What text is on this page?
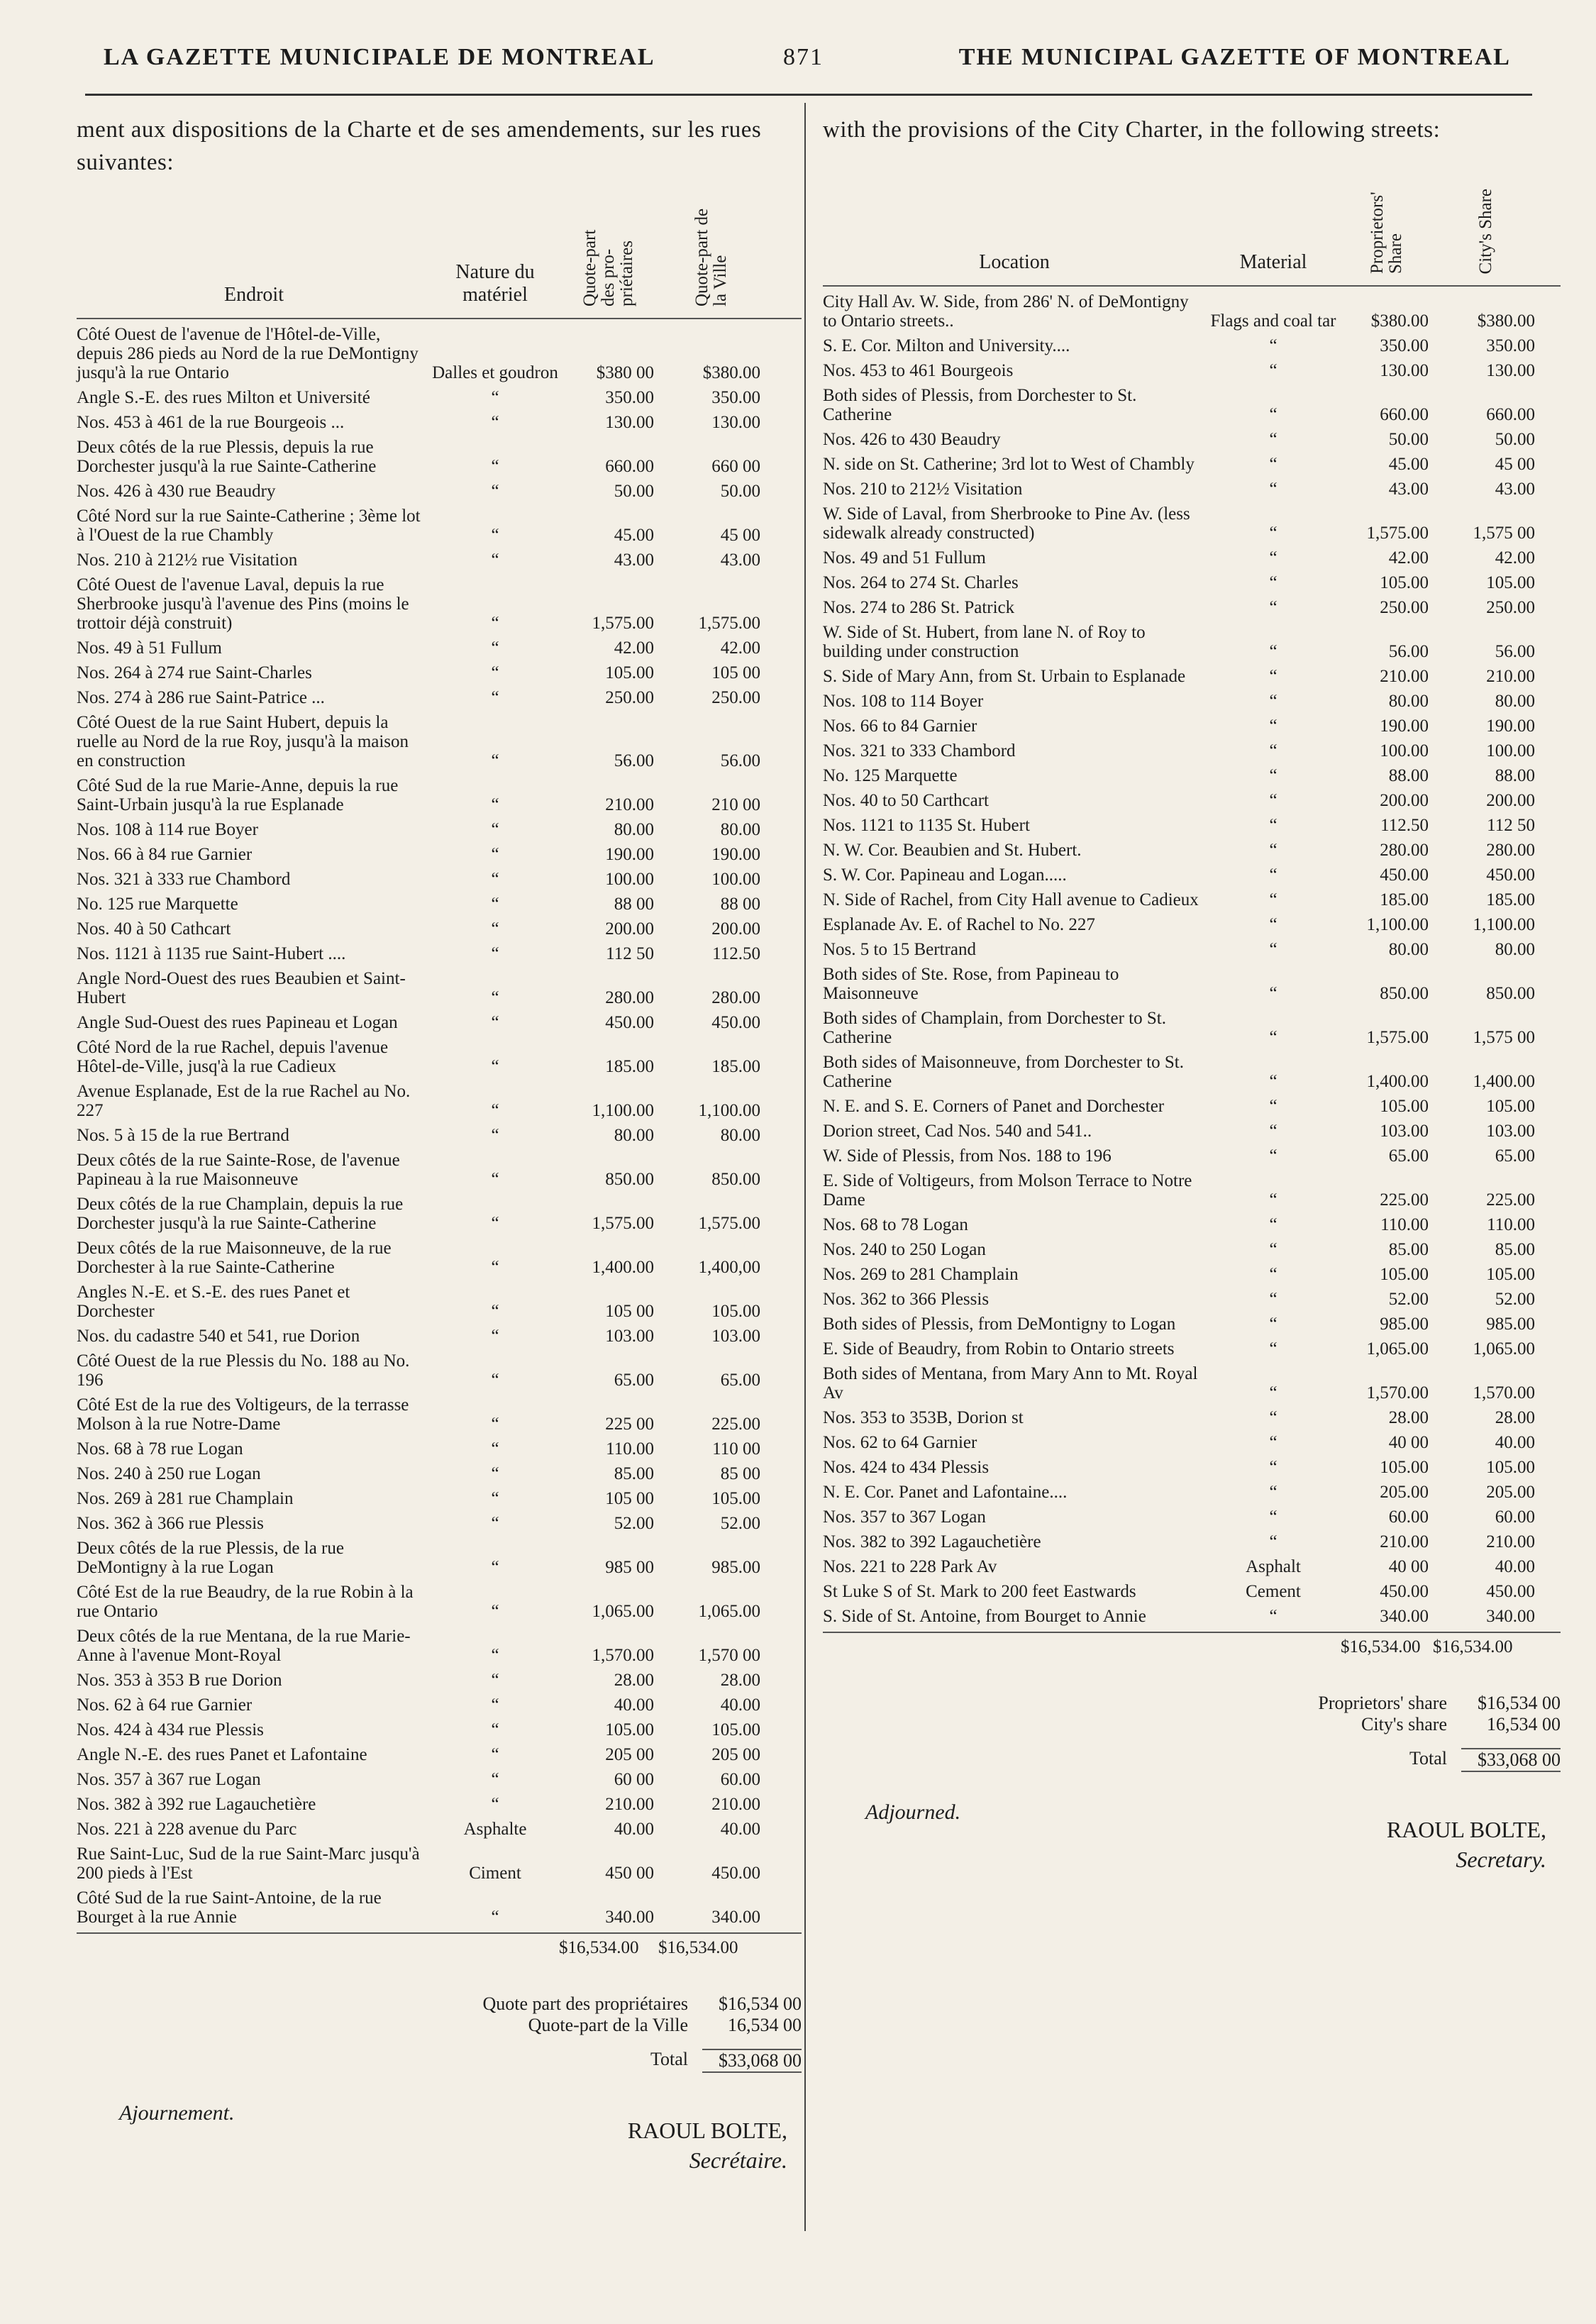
LA GAZETTE MUNICIPALE DE MONTREAL	871	THE MUNICIPAL GAZETTE OF MONTREAL

ment aux dispositions de la Charte et de ses amendements, sur les rues suivantes:

Endroit
Nature du matériel	Quote-part des pro-priétaires	Quote-part de la Ville
Côté Ouest de l'avenue de l'Hôtel-de-Ville, depuis 286 pieds au Nord de la rue DeMontigny jusqu'à la rue Ontario	Dalles et goudron	$380 00	$380.00
Angle S.-E. des rues Milton et Université	“	350.00	350.00
Nos. 453 à 461 de la rue Bourgeois ...	“	130.00	130.00
Deux côtés de la rue Plessis, depuis la rue Dorchester jusqu'à la rue Sainte-Catherine	“	660.00	660 00
Nos. 426 à 430 rue Beaudry	“	50.00	50.00
Côté Nord sur la rue Sainte-Catherine ; 3ème lot à l'Ouest de la rue Chambly	“	45.00	45 00
Nos. 210 à 212½ rue Visitation	“	43.00	43.00
Côté Ouest de l'avenue Laval, depuis la rue Sherbrooke jusqu'à l'avenue des Pins (moins le trottoir déjà construit)	“	1,575.00	1,575.00
Nos. 49 à 51 Fullum	“	42.00	42.00
Nos. 264 à 274 rue Saint-Charles	“	105.00	105 00
Nos. 274 à 286 rue Saint-Patrice ...	“	250.00	250.00
Côté Ouest de la rue Saint Hubert, depuis la ruelle au Nord de la rue Roy, jusqu'à la maison en construction	“	56.00	56.00
Côté Sud de la rue Marie-Anne, depuis la rue Saint-Urbain jusqu'à la rue Esplanade	“	210.00	210 00
Nos. 108 à 114 rue Boyer	“	80.00	80.00
Nos. 66 à 84 rue Garnier	“	190.00	190.00
Nos. 321 à 333 rue Chambord	“	100.00	100.00
No. 125 rue Marquette	“	88 00	88 00
Nos. 40 à 50 Cathcart	“	200.00	200.00
Nos. 1121 à 1135 rue Saint-Hubert ....	“	112 50	112.50
Angle Nord-Ouest des rues Beaubien et Saint-Hubert	“	280.00	280.00
Angle Sud-Ouest des rues Papineau et Logan	“	450.00	450.00
Côté Nord de la rue Rachel, depuis l'avenue Hôtel-de-Ville, jusq'à la rue Cadieux	“	185.00	185.00
Avenue Esplanade, Est de la rue Rachel au No. 227	“	1,100.00	1,100.00
Nos. 5 à 15 de la rue Bertrand	“	80.00	80.00
Deux côtés de la rue Sainte-Rose, de l'avenue Papineau à la rue Maisonneuve	“	850.00	850.00
Deux côtés de la rue Champlain, depuis la rue Dorchester jusqu'à la rue Sainte-Catherine	“	1,575.00	1,575.00
Deux côtés de la rue Maisonneuve, de la rue Dorchester à la rue Sainte-Catherine	“	1,400.00	1,400,00
Angles N.-E. et S.-E. des rues Panet et Dorchester	“	105 00	105.00
Nos. du cadastre 540 et 541, rue Dorion	“	103.00	103.00
Côté Ouest de la rue Plessis du No. 188 au No. 196	“	65.00	65.00
Côté Est de la rue des Voltigeurs, de la terrasse Molson à la rue Notre-Dame	“	225 00	225.00
Nos. 68 à 78 rue Logan	“	110.00	110 00
Nos. 240 à 250 rue Logan	“	85.00	85 00
Nos. 269 à 281 rue Champlain	“	105 00	105.00
Nos. 362 à 366 rue Plessis	“	52.00	52.00
Deux côtés de la rue Plessis, de la rue DeMontigny à la rue Logan	“	985 00	985.00
Côté Est de la rue Beaudry, de la rue Robin à la rue Ontario	“	1,065.00	1,065.00
Deux côtés de la rue Mentana, de la rue Marie-Anne à l'avenue Mont-Royal	“	1,570.00	1,570 00
Nos. 353 à 353 B rue Dorion	“	28.00	28.00
Nos. 62 à 64 rue Garnier	“	40.00	40.00
Nos. 424 à 434 rue Plessis	“	105.00	105.00
Angle N.-E. des rues Panet et Lafontaine	“	205 00	205 00
Nos. 357 à 367 rue Logan	“	60 00	60.00
Nos. 382 à 392 rue Lagauchetière	“	210.00	210.00
Nos. 221 à 228 avenue du Parc	Asphalte	40.00	40.00
Rue Saint-Luc, Sud de la rue Saint-Marc jusqu'à 200 pieds à l'Est	Ciment	450 00	450.00
Côté Sud de la rue Saint-Antoine, de la rue Bourget à la rue Annie	“	340.00	340.00
$16,534.00	$16,534.00
Quote part des propriétaires	$16,534 00
Quote-part de la Ville	16,534 00
Total	$33,068 00
Ajournement.
RAOUL BOLTE,
Secrétaire.

with the provisions of the City Charter, in the following streets:

Location	Material	Proprietors' Share	City's Share
City Hall Av. W. Side, from 286' N. of DeMontigny to Ontario streets..	Flags and coal tar	$380.00	$380.00
S. E. Cor. Milton and University....	“	350.00	350.00
Nos. 453 to 461 Bourgeois	“	130.00	130.00
Both sides of Plessis, from Dorchester to St. Catherine	“	660.00	660.00
Nos. 426 to 430 Beaudry	“	50.00	50.00
N. side on St. Catherine; 3rd lot to West of Chambly	“	45.00	45 00
Nos. 210 to 212½ Visitation	“	43.00	43.00
W. Side of Laval, from Sherbrooke to Pine Av. (less sidewalk already constructed)	“	1,575.00	1,575 00
Nos. 49 and 51 Fullum	“	42.00	42.00
Nos. 264 to 274 St. Charles	“	105.00	105.00
Nos. 274 to 286 St. Patrick	“	250.00	250.00
W. Side of St. Hubert, from lane N. of Roy to building under construction	“	56.00	56.00
S. Side of Mary Ann, from St. Urbain to Esplanade	“	210.00	210.00
Nos. 108 to 114 Boyer	“	80.00	80.00
Nos. 66 to 84 Garnier	“	190.00	190.00
Nos. 321 to 333 Chambord	“	100.00	100.00
No. 125 Marquette	“	88.00	88.00
Nos. 40 to 50 Carthcart	“	200.00	200.00
Nos. 1121 to 1135 St. Hubert	“	112.50	112 50
N. W. Cor. Beaubien and St. Hubert.	“	280.00	280.00
S. W. Cor. Papineau and Logan.....	“	450.00	450.00
N. Side of Rachel, from City Hall avenue to Cadieux	“	185.00	185.00
Esplanade Av. E. of Rachel to No. 227	“	1,100.00	1,100.00
Nos. 5 to 15 Bertrand	“	80.00	80.00
Both sides of Ste. Rose, from Papineau to Maisonneuve	“	850.00	850.00
Both sides of Champlain, from Dorchester to St. Catherine	“	1,575.00	1,575 00
Both sides of Maisonneuve, from Dorchester to St. Catherine	“	1,400.00	1,400.00
N. E. and S. E. Corners of Panet and Dorchester	“	105.00	105.00
Dorion street, Cad Nos. 540 and 541..	“	103.00	103.00
W. Side of Plessis, from Nos. 188 to 196	“	65.00	65.00
E. Side of Voltigeurs, from Molson Terrace to Notre Dame	“	225.00	225.00
Nos. 68 to 78 Logan	“	110.00	110.00
Nos. 240 to 250 Logan	“	85.00	85.00
Nos. 269 to 281 Champlain	“	105.00	105.00
Nos. 362 to 366 Plessis	“	52.00	52.00
Both sides of Plessis, from DeMontigny to Logan	“	985.00	985.00
E. Side of Beaudry, from Robin to Ontario streets	“	1,065.00	1,065.00
Both sides of Mentana, from Mary Ann to Mt. Royal Av	“	1,570.00	1,570.00
Nos. 353 to 353B, Dorion st	“	28.00	28.00
Nos. 62 to 64 Garnier	“	40 00	40.00
Nos. 424 to 434 Plessis	“	105.00	105.00
N. E. Cor. Panet and Lafontaine....	“	205.00	205.00
Nos. 357 to 367 Logan	“	60.00	60.00
Nos. 382 to 392 Lagauchetière	“	210.00	210.00
Nos. 221 to 228 Park Av	Asphalt	40 00	40.00
St Luke S of St. Mark to 200 feet Eastwards	Cement	450.00	450.00
S. Side of St. Antoine, from Bourget to Annie	“	340.00	340.00
$16,534.00 $16,534.00
Proprietors' share	$16,534 00
City's share	16,534 00
Total	$33,068 00
Adjourned.
RAOUL BOLTE,
Secretary.
